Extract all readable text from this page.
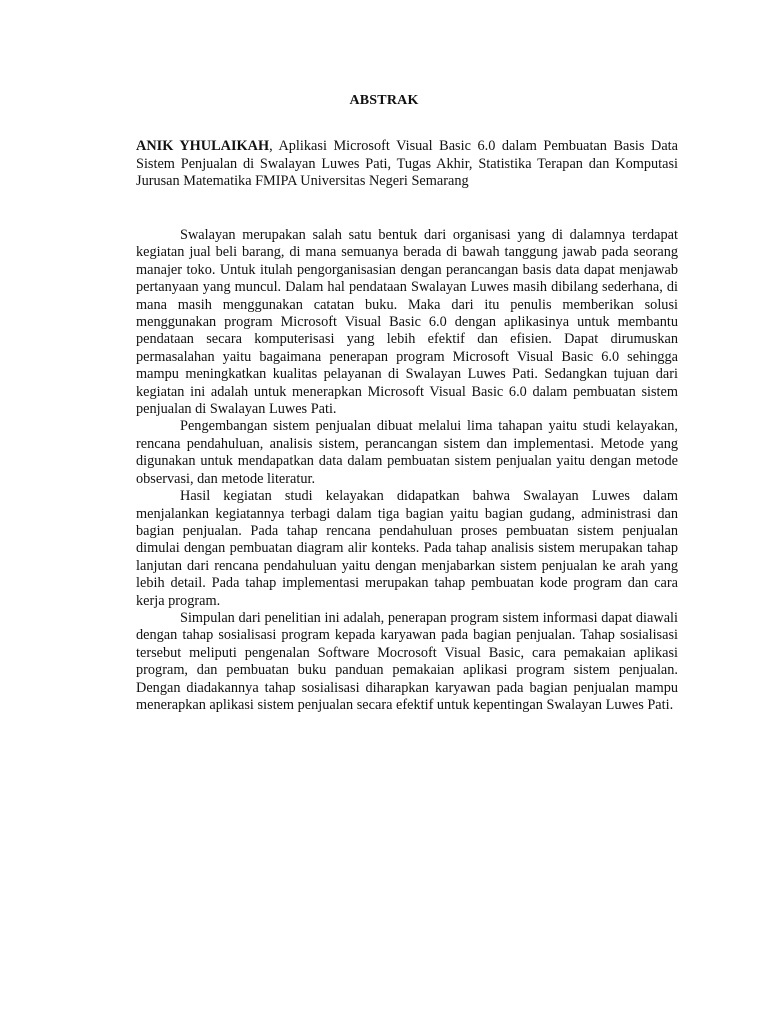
ABSTRAK
ANIK YHULAIKAH, Aplikasi Microsoft Visual Basic 6.0 dalam Pembuatan Basis Data Sistem Penjualan di Swalayan Luwes Pati, Tugas Akhir, Statistika Terapan dan Komputasi Jurusan Matematika FMIPA Universitas Negeri Semarang

Swalayan merupakan salah satu bentuk dari organisasi yang di dalamnya terdapat kegiatan jual beli barang, di mana semuanya berada di bawah tanggung jawab pada seorang manajer toko. Untuk itulah pengorganisasian dengan perancangan basis data dapat menjawab pertanyaan yang muncul. Dalam hal pendataan Swalayan Luwes masih dibilang sederhana, di mana masih menggunakan catatan buku. Maka dari itu penulis memberikan solusi menggunakan program Microsoft Visual Basic 6.0 dengan aplikasinya untuk membantu pendataan secara komputerisasi yang lebih efektif dan efisien. Dapat dirumuskan permasalahan yaitu bagaimana penerapan program Microsoft Visual Basic 6.0 sehingga mampu meningkatkan kualitas pelayanan di Swalayan Luwes Pati. Sedangkan tujuan dari kegiatan ini adalah untuk menerapkan Microsoft Visual Basic 6.0 dalam pembuatan sistem penjualan di Swalayan Luwes Pati.

Pengembangan sistem penjualan dibuat melalui lima tahapan yaitu studi kelayakan, rencana pendahuluan, analisis sistem, perancangan sistem dan implementasi. Metode yang digunakan untuk mendapatkan data dalam pembuatan sistem penjualan yaitu dengan metode observasi, dan metode literatur.

Hasil kegiatan studi kelayakan didapatkan bahwa Swalayan Luwes dalam menjalankan kegiatannya terbagi dalam tiga bagian yaitu bagian gudang, administrasi dan bagian penjualan. Pada tahap rencana pendahuluan proses pembuatan sistem penjualan dimulai dengan pembuatan diagram alir konteks. Pada tahap analisis sistem merupakan tahap lanjutan dari rencana pendahuluan yaitu dengan menjabarkan sistem penjualan ke arah yang lebih detail. Pada tahap implementasi merupakan tahap pembuatan kode program dan cara kerja program.

Simpulan dari penelitian ini adalah, penerapan program sistem informasi dapat diawali dengan tahap sosialisasi program kepada karyawan pada bagian penjualan. Tahap sosialisasi tersebut meliputi pengenalan Software Mocrosoft Visual Basic, cara pemakaian aplikasi program, dan pembuatan buku panduan pemakaian aplikasi program sistem penjualan. Dengan diadakannya tahap sosialisasi diharapkan karyawan pada bagian penjualan mampu menerapkan aplikasi sistem penjualan secara efektif untuk kepentingan Swalayan Luwes Pati.
